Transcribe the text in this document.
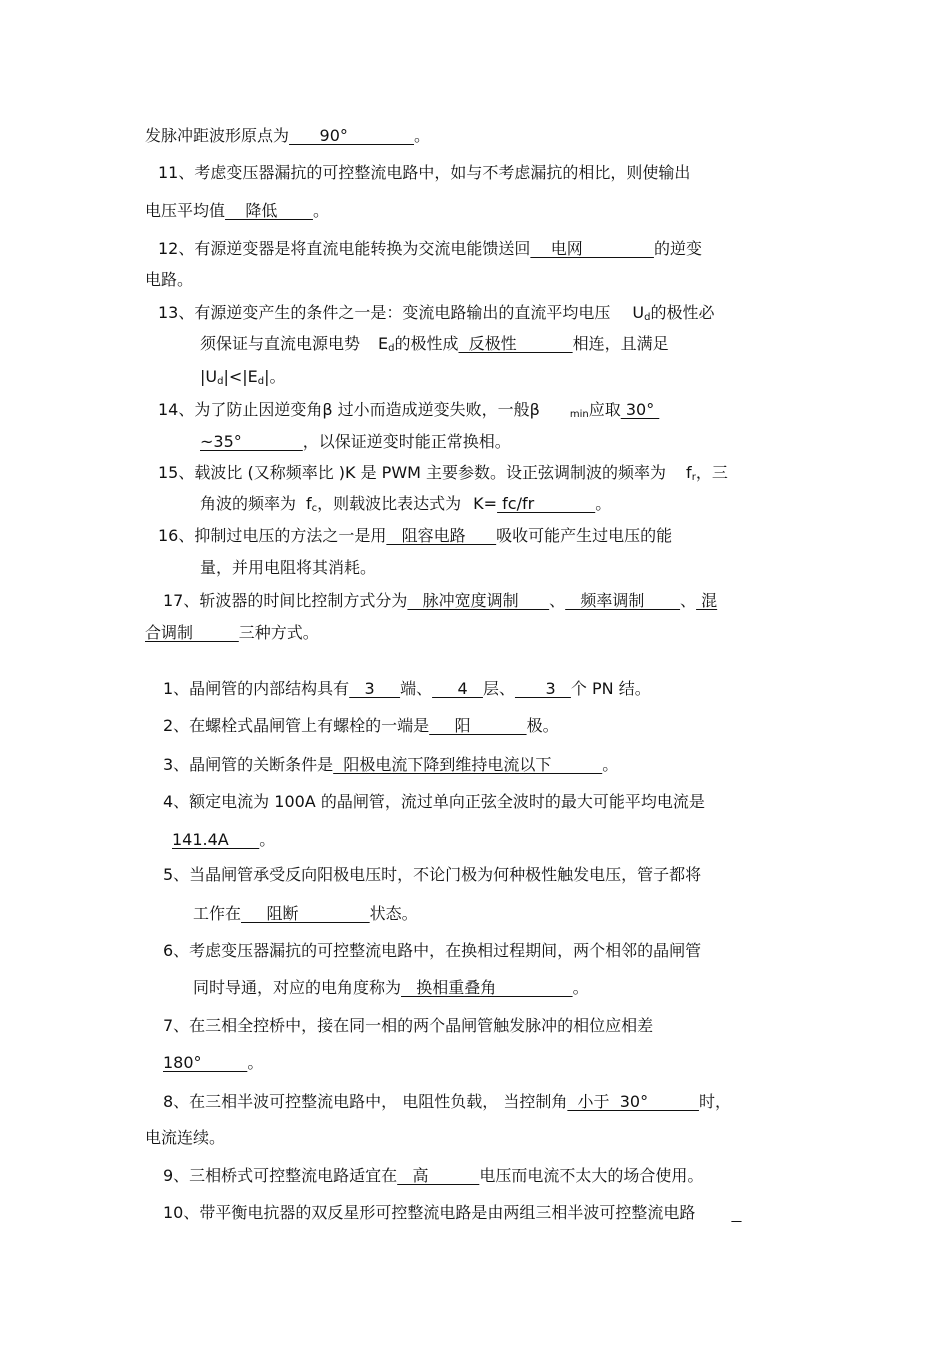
发脉冲距波形原点为      90°             。
11、考虑变压器漏抗的可控整流电路中，如与不考虑漏抗的相比，则使输出
电压平均值    降低       。
12、有源逆变器是将直流电能转换为交流电能馈送回    电网              的逆变
电路。
13、有源逆变产生的条件之一是：变流电路输出的直流平均电压 $U_d$的极性必
须保证与直流电源电势 $E_d$的极性成  反极性           相连，且满足
$|U_d|<|E_d|$。
14、为了防止因逆变角β 过小而造成逆变失败，一般β	$_{min}$应取 30°
~35°            ，以保证逆变时能正常换相。
15、载波比 (又称频率比 )K 是 PWM 主要参数。设正弦调制波的频率为 $f_r$，三
角波的频率为 $f_c$，则载波比表达式为 K= fc/fr            。
16、抑制过电压的方法之一是用   阻容电路      吸收可能产生过电压的能
量，并用电阻将其消耗。
17、斩波器的时间比控制方式分为   脉冲宽度调制      、   频率调制       、 混
合调制         三种方式。
1、晶闸管的内部结构具有   3     端、     4   层、      3   个 PN 结。
2、在螺栓式晶闸管上有螺栓的一端是     阳           极。
3、晶闸管的关断条件是  阳极电流下降到维持电流以下          。
4、额定电流为 100A 的晶闸管，流过单向正弦全波时的最大可能平均电流是
141.4A      。
5、当晶闸管承受反向阳极电压时，不论门极为何种极性触发电压，管子都将
工作在     阻断              状态。
6、考虑变压器漏抗的可控整流电路中，在换相过程期间，两个相邻的晶闸管
同时导通，对应的电角度称为   换相重叠角               。
7、在三相全控桥中，接在同一相的两个晶闸管触发脉冲的相位应相差
180°         。
8、在三相半波可控整流电路中， 电阻性负载， 当控制角  小于  30°          时，
电流连续。
9、三相桥式可控整流电路适宜在   高          电压而电流不太大的场合使用。
10、带平衡电抗器的双反星形可控整流电路是由两组三相半波可控整流电路
